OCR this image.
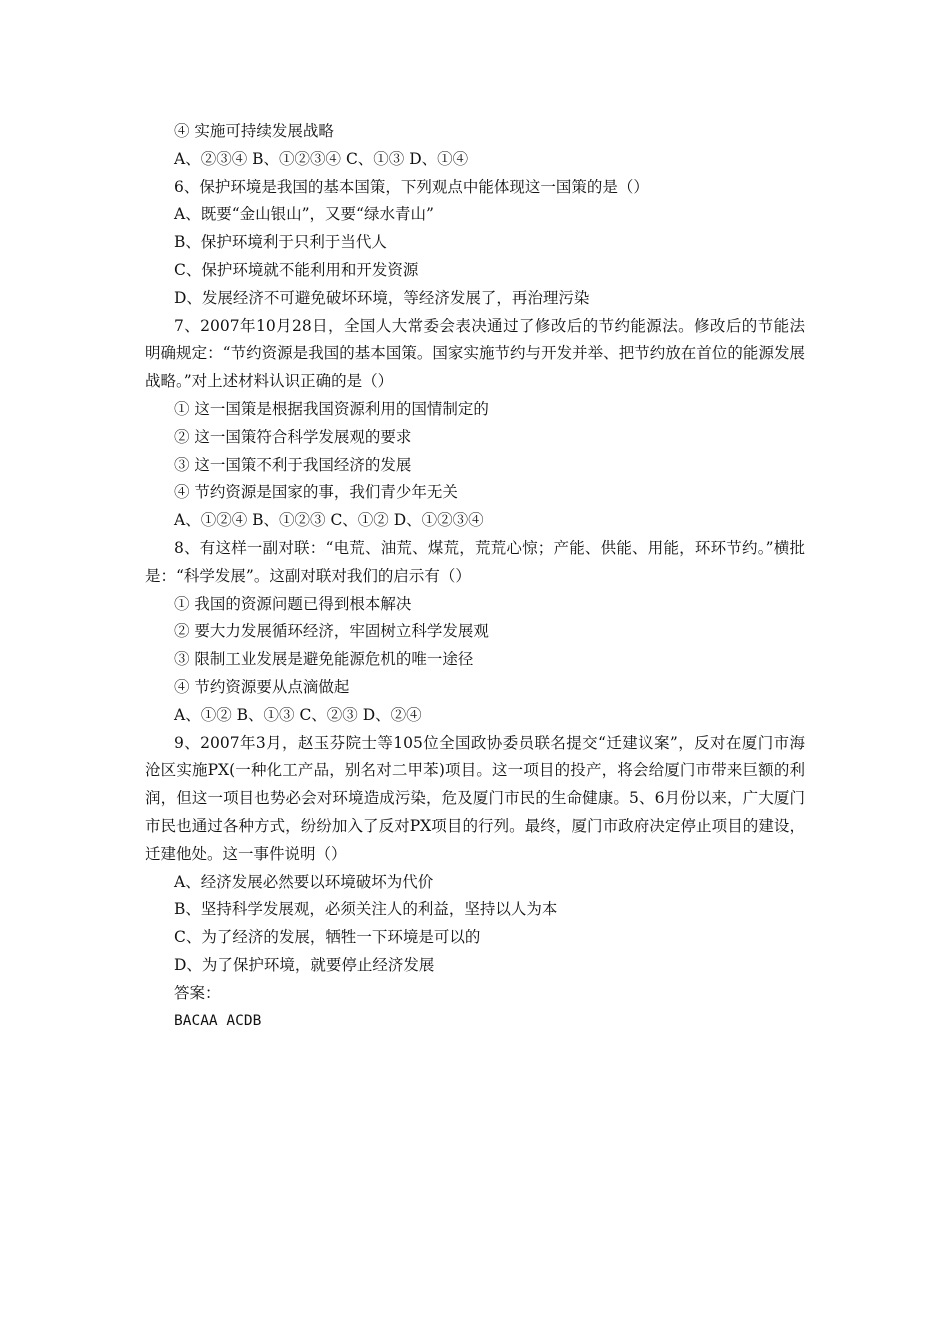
④ 实施可持续发展战略
A、②③④ B、①②③④ C、①③ D、①④
6、保护环境是我国的基本国策，下列观点中能体现这一国策的是（）
A、既要“金山银山”，又要“绿水青山”
B、保护环境利于只利于当代人
C、保护环境就不能利用和开发资源
D、发展经济不可避免破坏环境，等经济发展了，再治理污染
7、2007年10月28日，全国人大常委会表决通过了修改后的节约能源法。修改后的节能法明确规定：“节约资源是我国的基本国策。国家实施节约与开发并举、把节约放在首位的能源发展战略。”对上述材料认识正确的是（）
① 这一国策是根据我国资源利用的国情制定的
② 这一国策符合科学发展观的要求
③ 这一国策不利于我国经济的发展
④ 节约资源是国家的事，我们青少年无关
A、①②④ B、①②③ C、①② D、①②③④
8、有这样一副对联：“电荒、油荒、煤荒，荒荒心惊；产能、供能、用能，环环节约。”横批是：“科学发展”。这副对联对我们的启示有（）
① 我国的资源问题已得到根本解决
② 要大力发展循环经济，牢固树立科学发展观
③ 限制工业发展是避免能源危机的唯一途径
④ 节约资源要从点滴做起
A、①② B、①③ C、②③ D、②④
9、2007年3月，赵玉芬院士等105位全国政协委员联名提交“迁建议案”，反对在厦门市海沧区实施PX(一种化工产品，别名对二甲苯)项目。这一项目的投产，将会给厦门市带来巨额的利润，但这一项目也势必会对环境造成污染，危及厦门市民的生命健康。5、6月份以来，广大厦门市民也通过各种方式，纷纷加入了反对PX项目的行列。最终，厦门市政府决定停止项目的建设，迁建他处。这一事件说明（）
A、经济发展必然要以环境破坏为代价
B、坚持科学发展观，必须关注人的利益，坚持以人为本
C、为了经济的发展，牺牲一下环境是可以的
D、为了保护环境，就要停止经济发展
答案：
BACAA ACDB
